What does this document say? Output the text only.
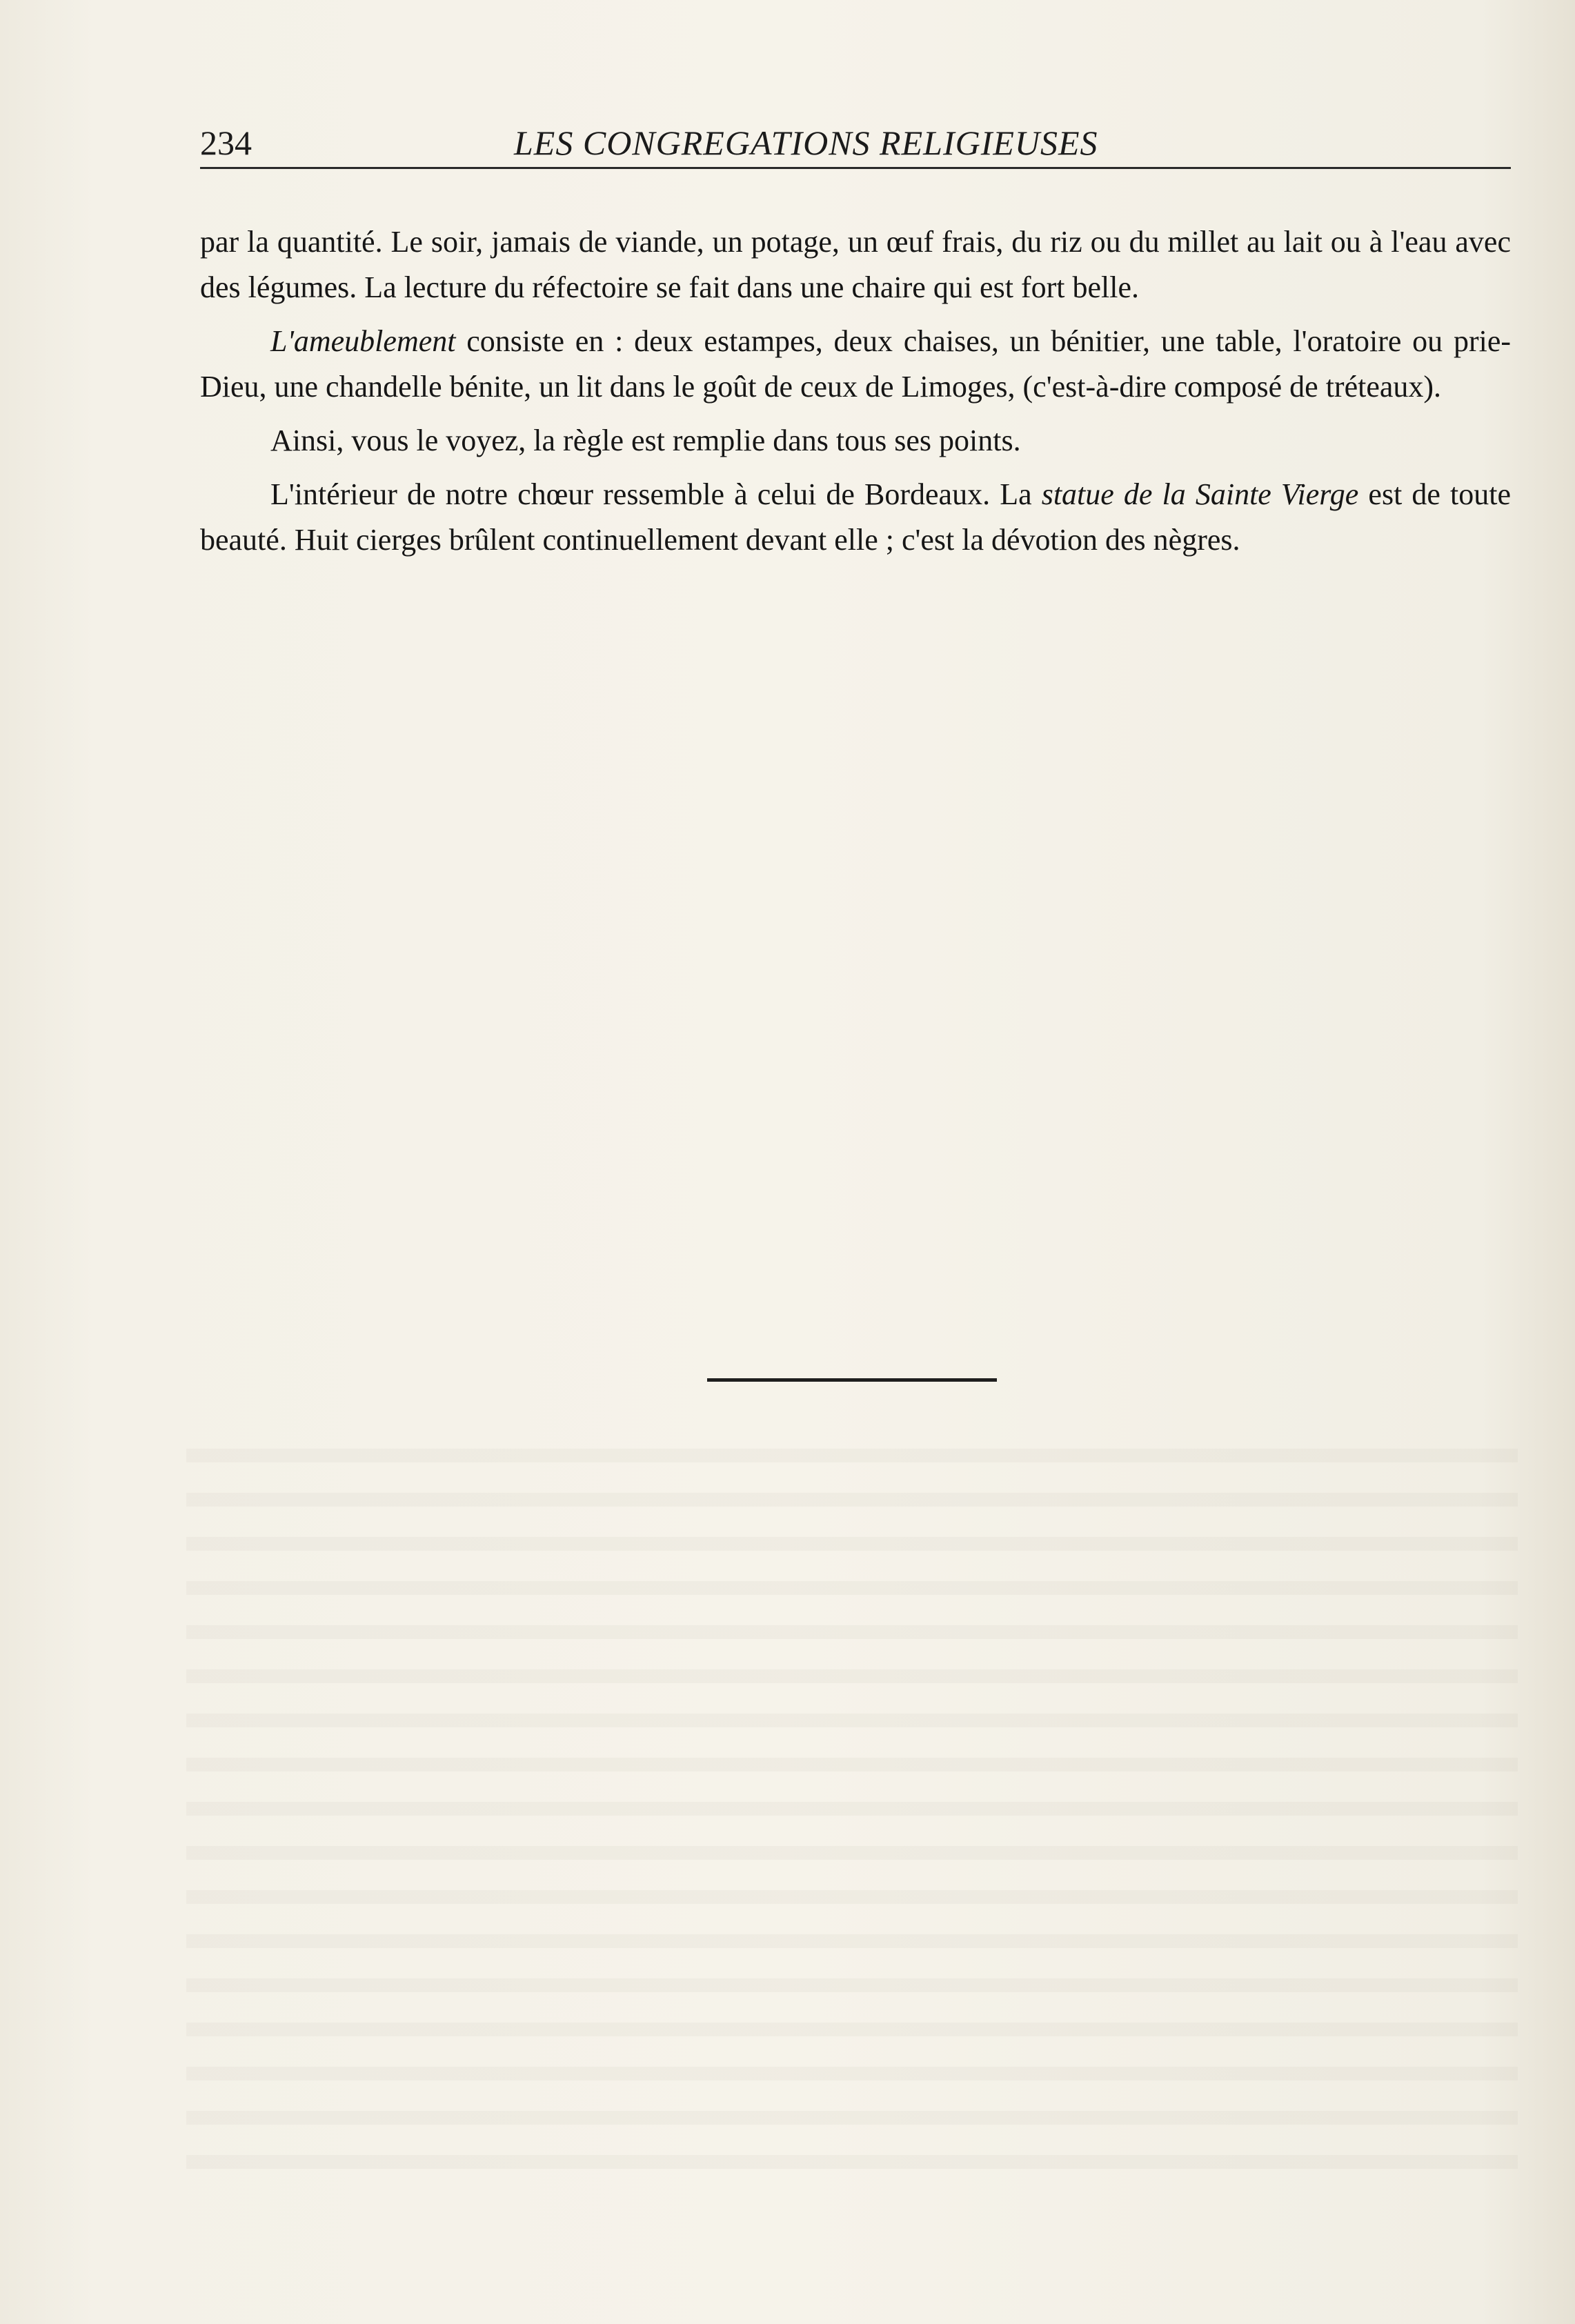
234	LES CONGREGATIONS RELIGIEUSES

par la quantité. Le soir, jamais de viande, un potage, un œuf frais, du riz ou du millet au lait ou à l'eau avec des légumes. La lecture du réfectoire se fait dans une chaire qui est fort belle.

L'ameublement consiste en : deux estampes, deux chaises, un bénitier, une table, l'oratoire ou prie-Dieu, une chandelle bénite, un lit dans le goût de ceux de Limoges, (c'est-à-dire composé de tréteaux).

Ainsi, vous le voyez, la règle est remplie dans tous ses points.

L'intérieur de notre chœur ressemble à celui de Bordeaux. La statue de la Sainte Vierge est de toute beauté. Huit cierges brûlent continuellement devant elle ; c'est la dévotion des nègres.
